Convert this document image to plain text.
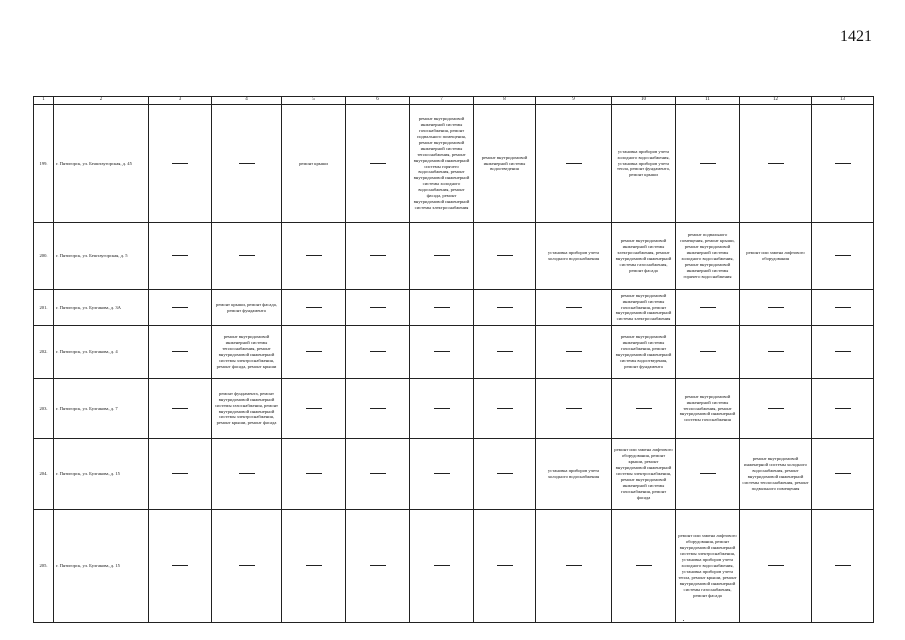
1421
1	2	3	4	5	6	7	8	9	10	11	12	13
199.	г. Пятигорск, ул. Беаштаугорская, д. 45			ремонт крыши		ремонт внутридомовой инженерной системы газоснабжения, ремонт подвального помещения, ремонт внутридомовой инженерной системы теплоснабжения, ремонт внутридомовой инженерной системы горячего водоснабжения, ремонт внутридомовой инженерной системы холодного водоснабжения, ремонт фасада, ремонт внутридомовой инженерной системы электроснабжения	ремонт внутридомовой инженерной системы водоотведения		установка приборов учета холодного водоснабжения, установка приборов учета тепла, ремонт фундамента, ремонт крыши			
200.	г. Пятигорск, ул. Бештаугорская, д. 5							установка приборов учета холодного водоснабжения	ремонт внутридомовой инженерной системы электроснабжения, ремонт внутридомовой инженерной системы газоснабжения, ремонт фасада	ремонт подвального помещения, ремонт крыши, ремонт внутридомовой инженерной системы холодного водоснабжения, ремонт внутридомовой инженерной системы горячего водоснабжения	ремонт или замена лифтового оборудования	
201.	г. Пятигорск, ул. Булгакова, д. 3А		ремонт крыши, ремонт фасада, ремонт фундамента						ремонт внутридомовой инженерной системы газоснабжения, ремонт внутридомовой инженерной системы электроснабжения			
202.	г. Пятигорск, ул. Булгакова, д. 4		ремонт внутридомовой инженерной системы теплоснабжения, ремонт внутридомовой инженерной системы электроснабжения, ремонт фасада, ремонт крыши						ремонт внутридомовой инженерной системы газоснабжения, ремонт внутридомовой инженерной системы водоотведения, ремонт фундамента			
203.	г. Пятигорск, ул. Булгакова, д. 7		ремонт фундамента, ремонт внутридомовой инженерной системы газоснабжения, ремонт внутридомовой инженерной системы электроснабжения, ремонт крыши, ремонт фасада							ремонт внутридомовой инженерной системы теплоснабжения, ремонт внутридомовой инженерной системы газоснабжения		
204.	г. Пятигорск, ул. Булгакова, д. 15							установка приборов учета холодного водоснабжения	ремонт или замена лифтового оборудования, ремонт крыши, ремонт внутридомовой инженерной системы электроснабжения, ремонт внутридомовой инженерной системы газоснабжения, ремонт фасада		ремонт внутридомовой инженерной системы холодного водоснабжения, ремонт внутридомовой инженерной системы теплоснабжения, ремонт подвального помещения	
205.	г. Пятигорск, ул. Булгакова, д. 15									ремонт или замена лифтового оборудования, ремонт внутридомовой инженерной системы электроснабжения, установка приборов учета холодного водоснабжения, установка приборов учета тепла, ремонт крыши, ремонт внутридомовой инженерной системы газоснабжения, ремонт фасада		
